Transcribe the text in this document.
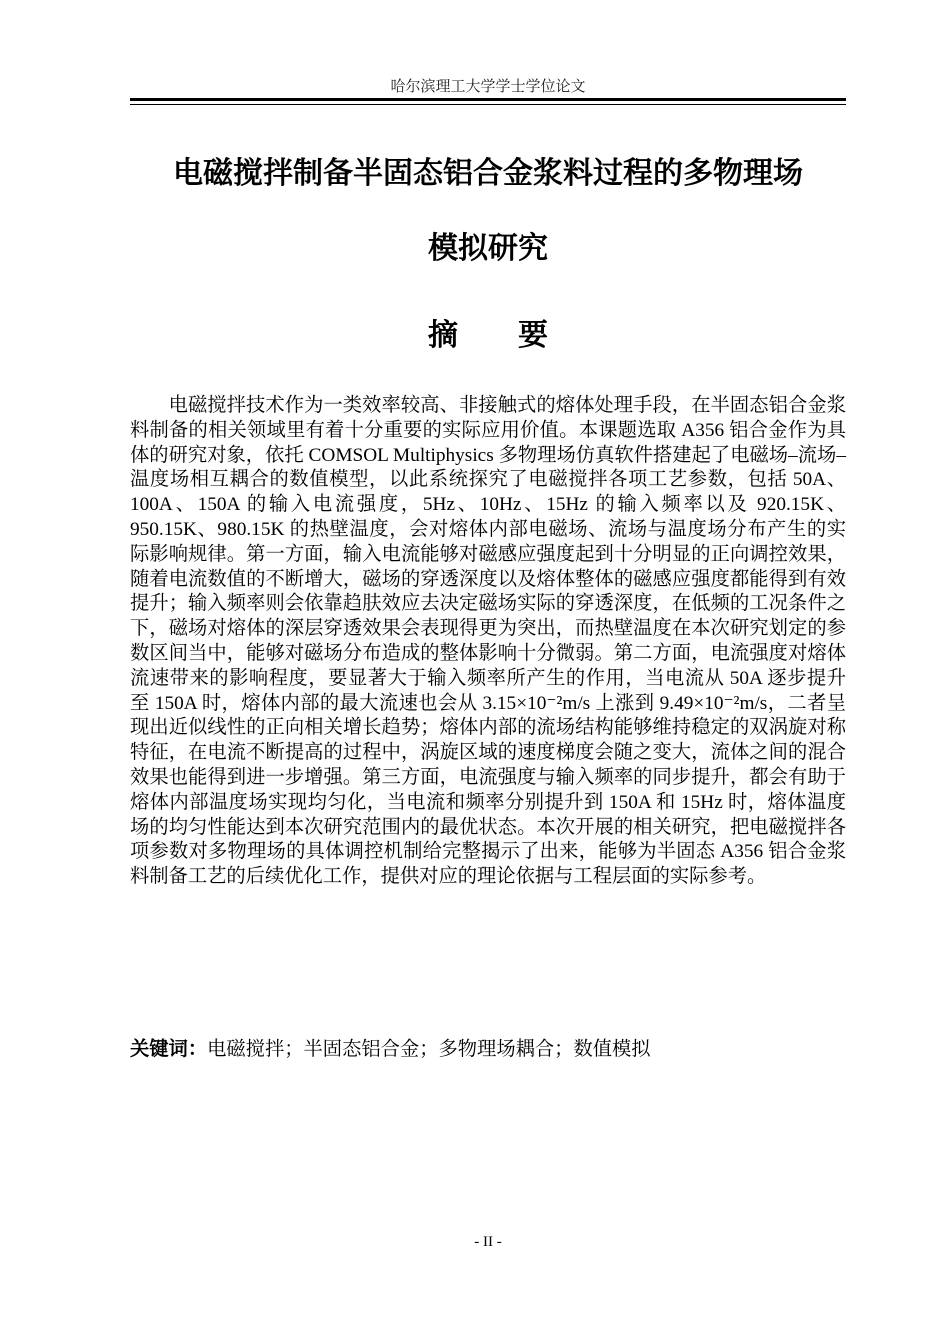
哈尔滨理工大学学士学位论文
电磁搅拌制备半固态铝合金浆料过程的多物理场
模拟研究
摘要

电磁搅拌技术作为一类效率较高、非接触式的熔体处理手段，在半固态铝合金浆料制备的相关领域里有着十分重要的实际应用价值。本课题选取 A356 铝合金作为具体的研究对象，依托 COMSOL Multiphysics 多物理场仿真软件搭建起了电磁场–流场–温度场相互耦合的数值模型，以此系统探究了电磁搅拌各项工艺参数，包括 50A、100A、150A 的输入电流强度，5Hz、10Hz、15Hz 的输入频率以及 920.15K、950.15K、980.15K 的热壁温度，会对熔体内部电磁场、流场与温度场分布产生的实际影响规律。第一方面，输入电流能够对磁感应强度起到十分明显的正向调控效果，随着电流数值的不断增大，磁场的穿透深度以及熔体整体的磁感应强度都能得到有效提升；输入频率则会依靠趋肤效应去决定磁场实际的穿透深度，在低频的工况条件之下，磁场对熔体的深层穿透效果会表现得更为突出，而热壁温度在本次研究划定的参数区间当中，能够对磁场分布造成的整体影响十分微弱。第二方面，电流强度对熔体流速带来的影响程度，要显著大于输入频率所产生的作用，当电流从 50A 逐步提升至 150A 时，熔体内部的最大流速也会从 3.15×10⁻²m/s 上涨到 9.49×10⁻²m/s，二者呈现出近似线性的正向相关增长趋势；熔体内部的流场结构能够维持稳定的双涡旋对称特征，在电流不断提高的过程中，涡旋区域的速度梯度会随之变大，流体之间的混合效果也能得到进一步增强。第三方面，电流强度与输入频率的同步提升，都会有助于熔体内部温度场实现均匀化，当电流和频率分别提升到 150A 和 15Hz 时，熔体温度场的均匀性能达到本次研究范围内的最优状态。本次开展的相关研究，把电磁搅拌各项参数对多物理场的具体调控机制给完整揭示了出来，能够为半固态 A356 铝合金浆料制备工艺的后续优化工作，提供对应的理论依据与工程层面的实际参考。

关键词：电磁搅拌；半固态铝合金；多物理场耦合；数值模拟

- II -
